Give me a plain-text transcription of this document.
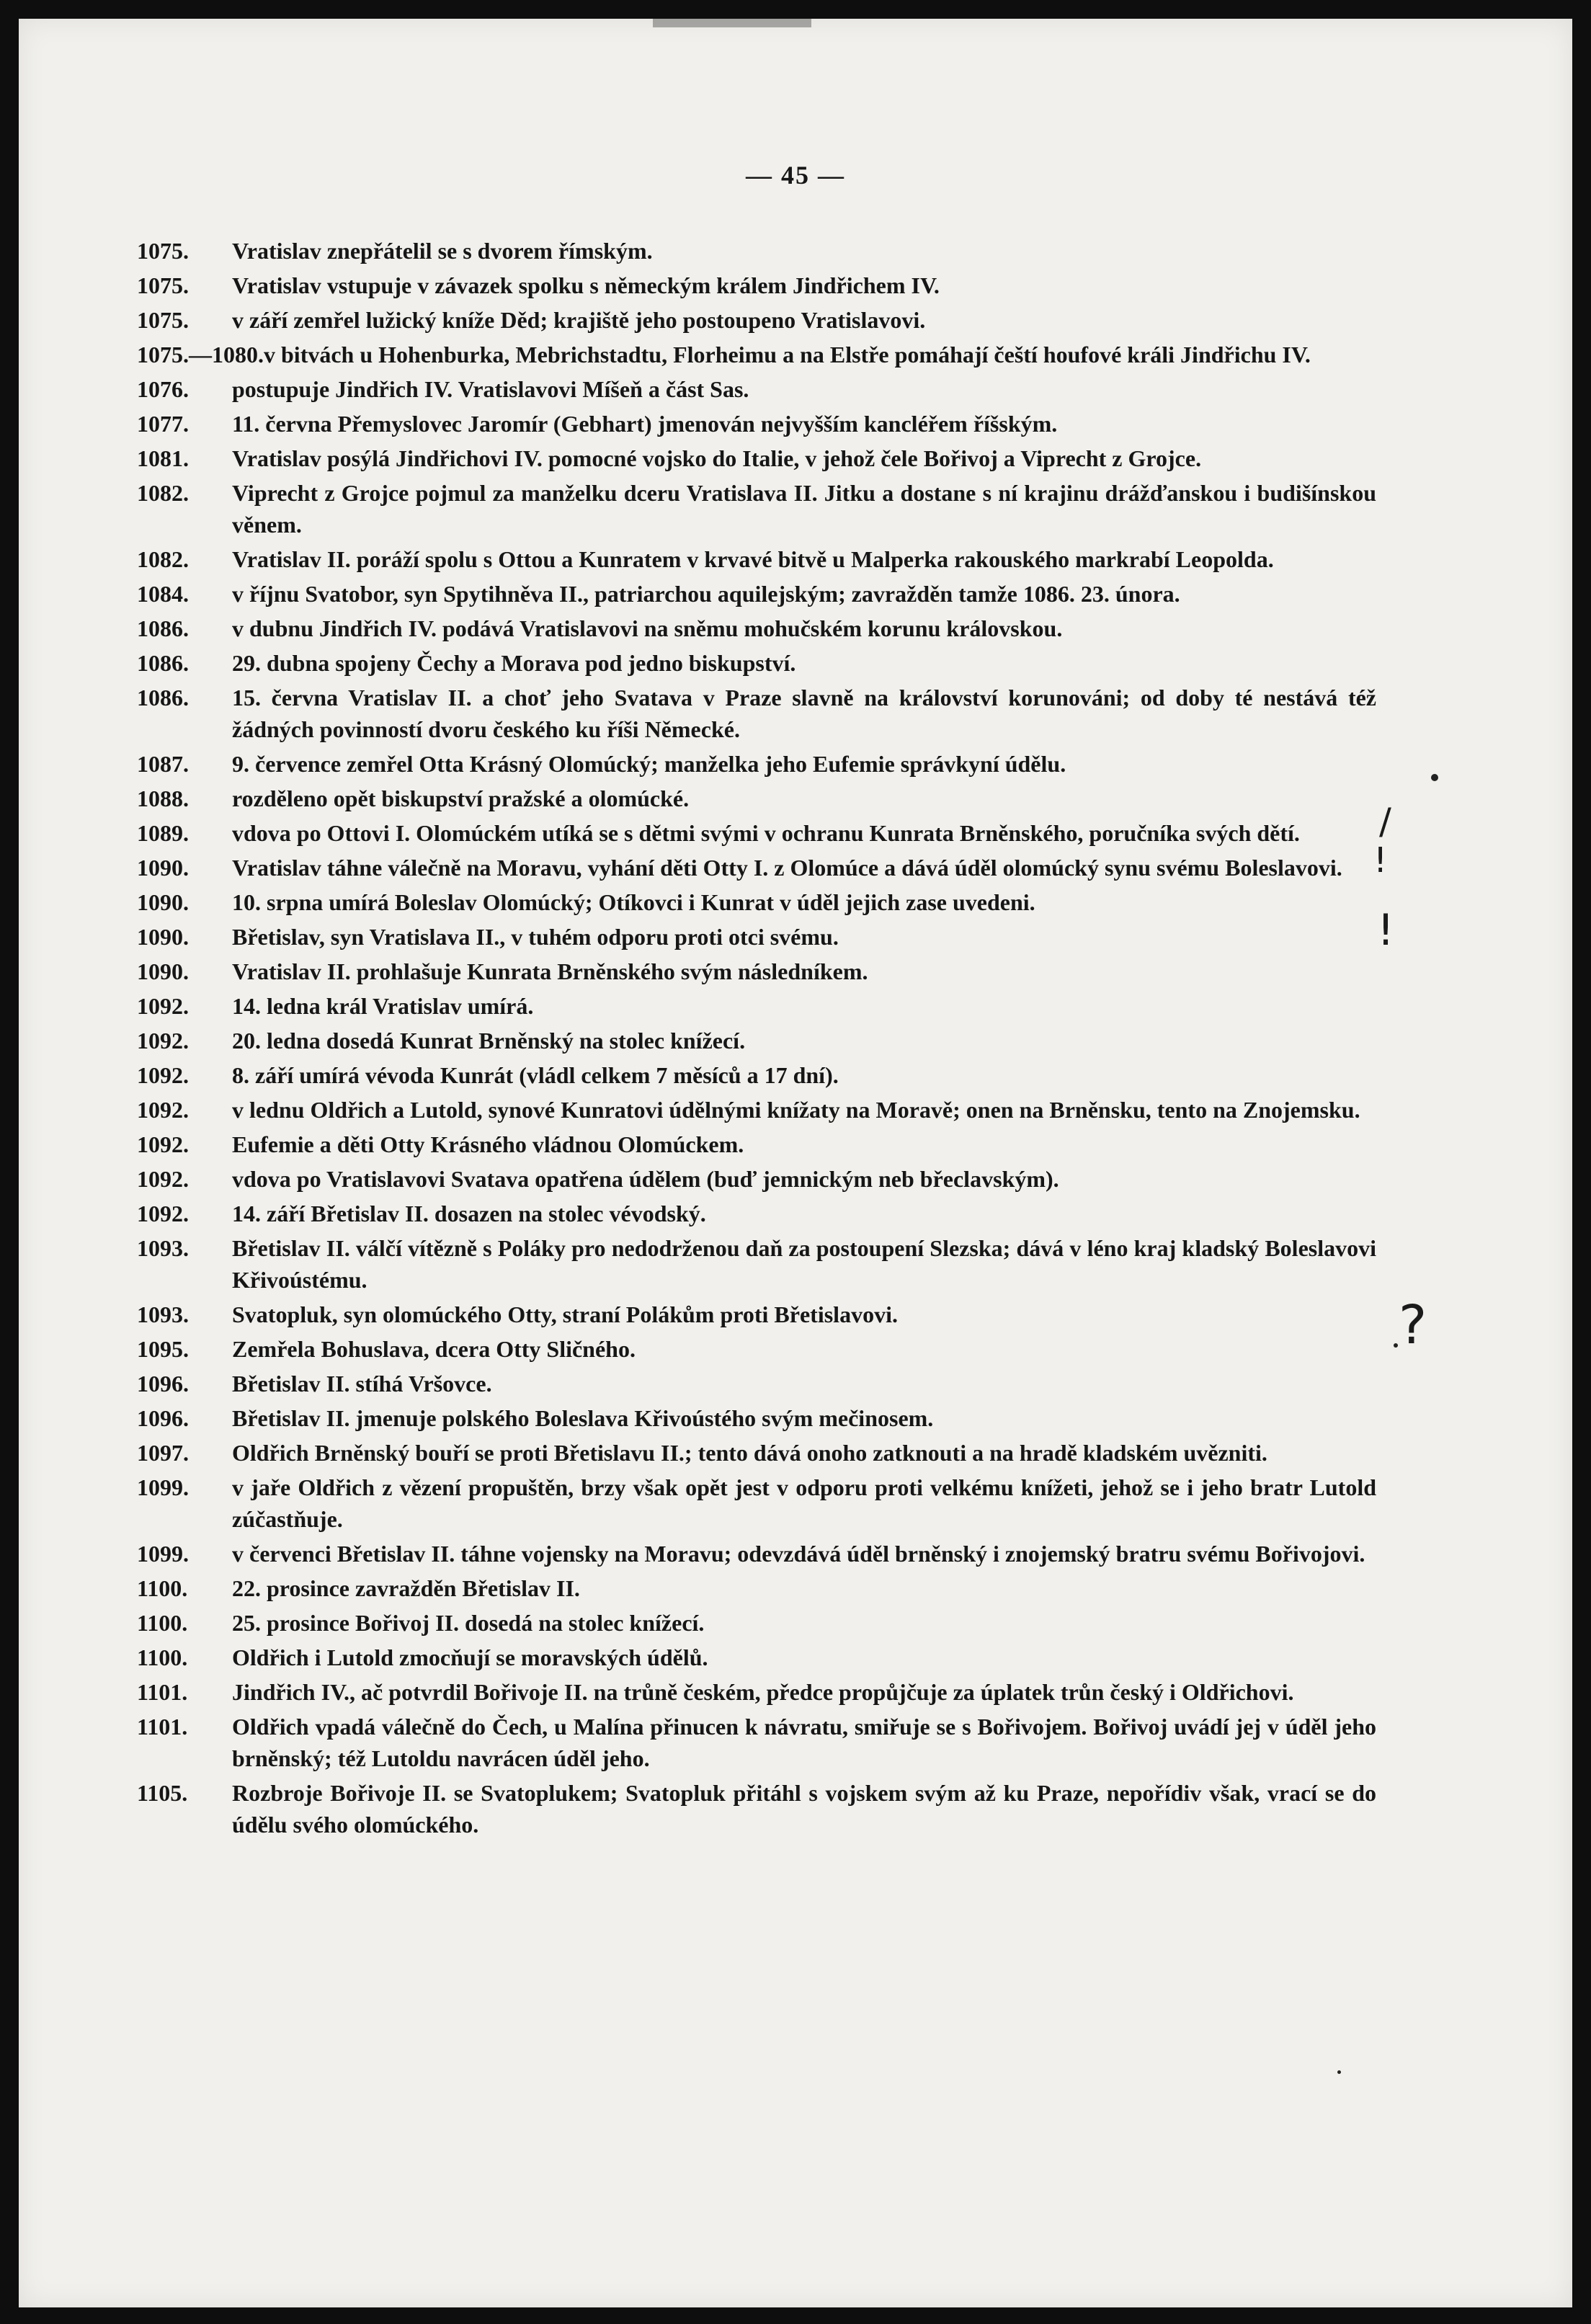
— 45 —
1075.	Vratislav znepřátelil se s dvorem římským.
1075.	Vratislav vstupuje v závazek spolku s německým králem Jindřichem IV.
1075.	v září zemřel lužický kníže Děd; krajiště jeho postoupeno Vratislavovi.
1075.—1080. v bitvách u Hohenburka, Mebrichstadtu, Florheimu a na Elstře pomáhají čeští houfové králi Jindřichu IV.
1076.	postupuje Jindřich IV. Vratislavovi Míšeň a část Sas.
1077.	11. června Přemyslovec Jaromír (Gebhart) jmenován nejvyšším kancléřem říšským.
1081.	Vratislav posýlá Jindřichovi IV. pomocné vojsko do Italie, v jehož čele Bořivoj a Viprecht z Grojce.
1082.	Viprecht z Grojce pojmul za manželku dceru Vratislava II. Jitku a dostane s ní krajinu drážďanskou i budišínskou věnem.
1082.	Vratislav II. poráží spolu s Ottou a Kunratem v krvavé bitvě u Malperka rakouského markrabí Leopolda.
1084.	v říjnu Svatobor, syn Spytihněva II., patriarchou aquilejským; zavražděn tamže 1086. 23. února.
1086.	v dubnu Jindřich IV. podává Vratislavovi na sněmu mohučském korunu královskou.
1086.	29. dubna spojeny Čechy a Morava pod jedno biskupství.
1086.	15. června Vratislav II. a choť jeho Svatava v Praze slavně na království korunováni; od doby té nestává též žádných povinností dvoru českého ku říši Německé.
1087.	9. července zemřel Otta Krásný Olomúcký; manželka jeho Eufemie správkyní údělu.
1088.	rozděleno opět biskupství pražské a olomúcké.
1089.	vdova po Ottovi I. Olomúckém utíká se s dětmi svými v ochranu Kunrata Brněnského, poručníka svých dětí.
1090.	Vratislav táhne válečně na Moravu, vyhání děti Otty I. z Olomúce a dává úděl olomúcký synu svému Boleslavovi.
1090.	10. srpna umírá Boleslav Olomúcký; Otíkovci i Kunrat v úděl jejich zase uvedeni.
1090.	Břetislav, syn Vratislava II., v tuhém odporu proti otci svému.
1090.	Vratislav II. prohlašuje Kunrata Brněnského svým následníkem.
1092.	14. ledna král Vratislav umírá.
1092.	20. ledna dosedá Kunrat Brněnský na stolec knížecí.
1092.	8. září umírá vévoda Kunrát (vládl celkem 7 měsíců a 17 dní).
1092.	v lednu Oldřich a Lutold, synové Kunratovi údělnými knížaty na Moravě; onen na Brněnsku, tento na Znojemsku.
1092.	Eufemie a děti Otty Krásného vládnou Olomúckem.
1092.	vdova po Vratislavovi Svatava opatřena údělem (buď jemnickým neb břeclavským).
1092.	14. září Břetislav II. dosazen na stolec vévodský.
1093.	Břetislav II. válčí vítězně s Poláky pro nedodrženou daň za postoupení Slezska; dává v léno kraj kladský Boleslavovi Křivoústému.
1093.	Svatopluk, syn olomúckého Otty, straní Polákům proti Břetislavovi.
1095.	Zemřela Bohuslava, dcera Otty Sličného.
1096.	Břetislav II. stíhá Vršovce.
1096.	Břetislav II. jmenuje polského Boleslava Křivoústého svým mečinosem.
1097.	Oldřich Brněnský bouří se proti Břetislavu II.; tento dává onoho zatknouti a na hradě kladském uvězniti.
1099.	v jaře Oldřich z vězení propuštěn, brzy však opět jest v odporu proti velkému knížeti, jehož se i jeho bratr Lutold zúčastňuje.
1099.	v červenci Břetislav II. táhne vojensky na Moravu; odevzdává úděl brněnský i znojemský bratru svému Bořivojovi.
1100.	22. prosince zavražděn Břetislav II.
1100.	25. prosince Bořivoj II. dosedá na stolec knížecí.
1100.	Oldřich i Lutold zmocňují se moravských údělů.
1101.	Jindřich IV., ač potvrdil Bořivoje II. na trůně českém, předce propůjčuje za úplatek trůn český i Oldřichovi.
1101.	Oldřich vpadá válečně do Čech, u Malína přinucen k návratu, smiřuje se s Bořivojem. Bořivoj uvádí jej v úděl jeho brněnský; též Lutoldu navrácen úděl jeho.
1105.	Rozbroje Bořivoje II. se Svatoplukem; Svatopluk přitáhl s vojskem svým až ku Praze, nepořídiv však, vrací se do údělu svého olomúckého.
/
!
!
?
